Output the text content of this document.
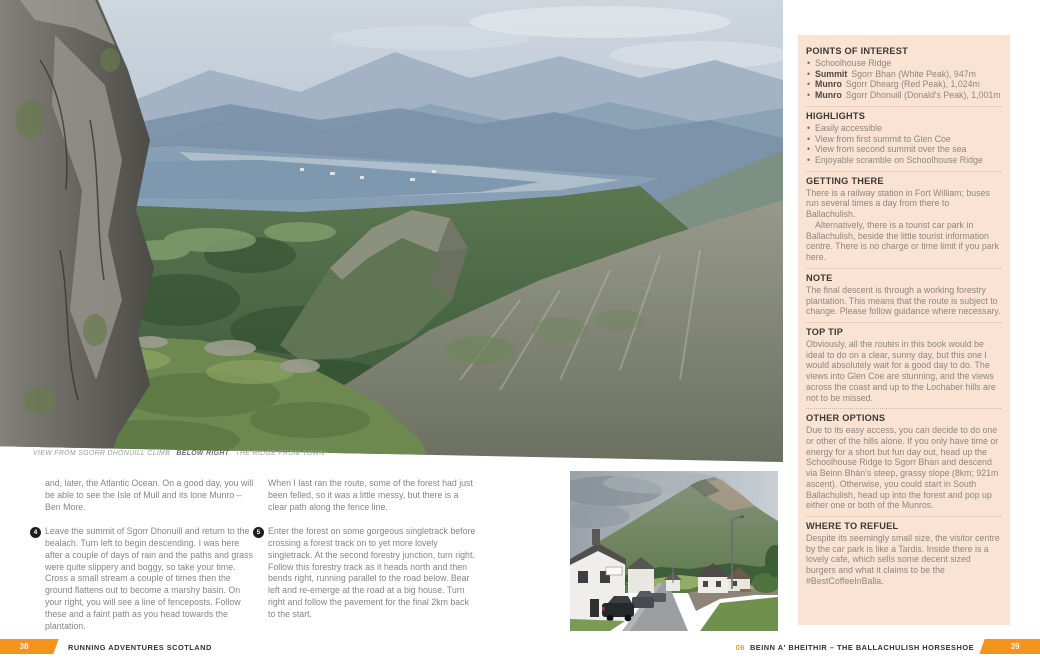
VIEW FROM SGORR DHONUILL CLIMB BELOW RIGHT THE RIDGE FROM TOWN

and, later, the Atlantic Ocean. On a good day, you will be able to see the Isle of Mull and its lone Munro – Ben More.

4 Leave the summit of Sgorr Dhonuill and return to the bealach. Turn left to begin descending. I was here after a couple of days of rain and the paths and grass were quite slippery and boggy, so take your time. Cross a small stream a couple of times then the ground flattens out to become a marshy basin. On your right, you will see a line of fenceposts. Follow these and a faint path as you head towards the plantation.

When I last ran the route, some of the forest had just been felled, so it was a little messy, but there is a clear path along the fence line.

5 Enter the forest on some gorgeous singletrack before crossing a forest track on to yet more lovely singletrack. At the second forestry junction, turn right. Follow this forestry track as it heads north and then bends right, running parallel to the road below. Bear left and re-emerge at the road at a big house. Turn right and follow the pavement for the final 2km back to the start.

POINTS OF INTEREST
• Schoolhouse Ridge
• Summit Sgorr Bhan (White Peak), 947m
• Munro Sgorr Dhearg (Red Peak), 1,024m
• Munro Sgorr Dhonuill (Donald's Peak), 1,001m
HIGHLIGHTS
• Easily accessible
• View from first summit to Glen Coe
• View from second summit over the sea
• Enjoyable scramble on Schoolhouse Ridge
GETTING THERE

There is a railway station in Fort William; buses run several times a day from there to Ballachulish.

Alternatively, there is a tourist car park in Ballachulish, beside the little tourist information centre. There is no charge or time limit if you park here.

NOTE

The final descent is through a working forestry plantation. This means that the route is subject to change. Please follow guidance where necessary.

TOP TIP

Obviously, all the routes in this book would be ideal to do on a clear, sunny day, but this one I would absolutely wait for a good day to do. The views into Glen Coe are stunning, and the views across the coast and up to the Lochaber hills are not to be missed.

OTHER OPTIONS

Due to its easy access, you can decide to do one or other of the hills alone. If you only have time or energy for a short but fun day out, head up the Schoolhouse Ridge to Sgorr Bhan and descend via Beinn Bhàn's steep, grassy slope (8km; 921m ascent). Otherwise, you could start in South Ballachulish, head up into the forest and pop up either one or both of the Munros.

WHERE TO REFUEL

Despite its seemingly small size, the visitor centre by the car park is like a Tardis. Inside there is a lovely cafe, which sells some decent sized burgers and what it claims to be the #BestCoffeeInBalla.

38	RUNNING ADVENTURES SCOTLAND	06 BEINN A' BHEITHIR – THE BALLACHULISH HORSESHOE	39
